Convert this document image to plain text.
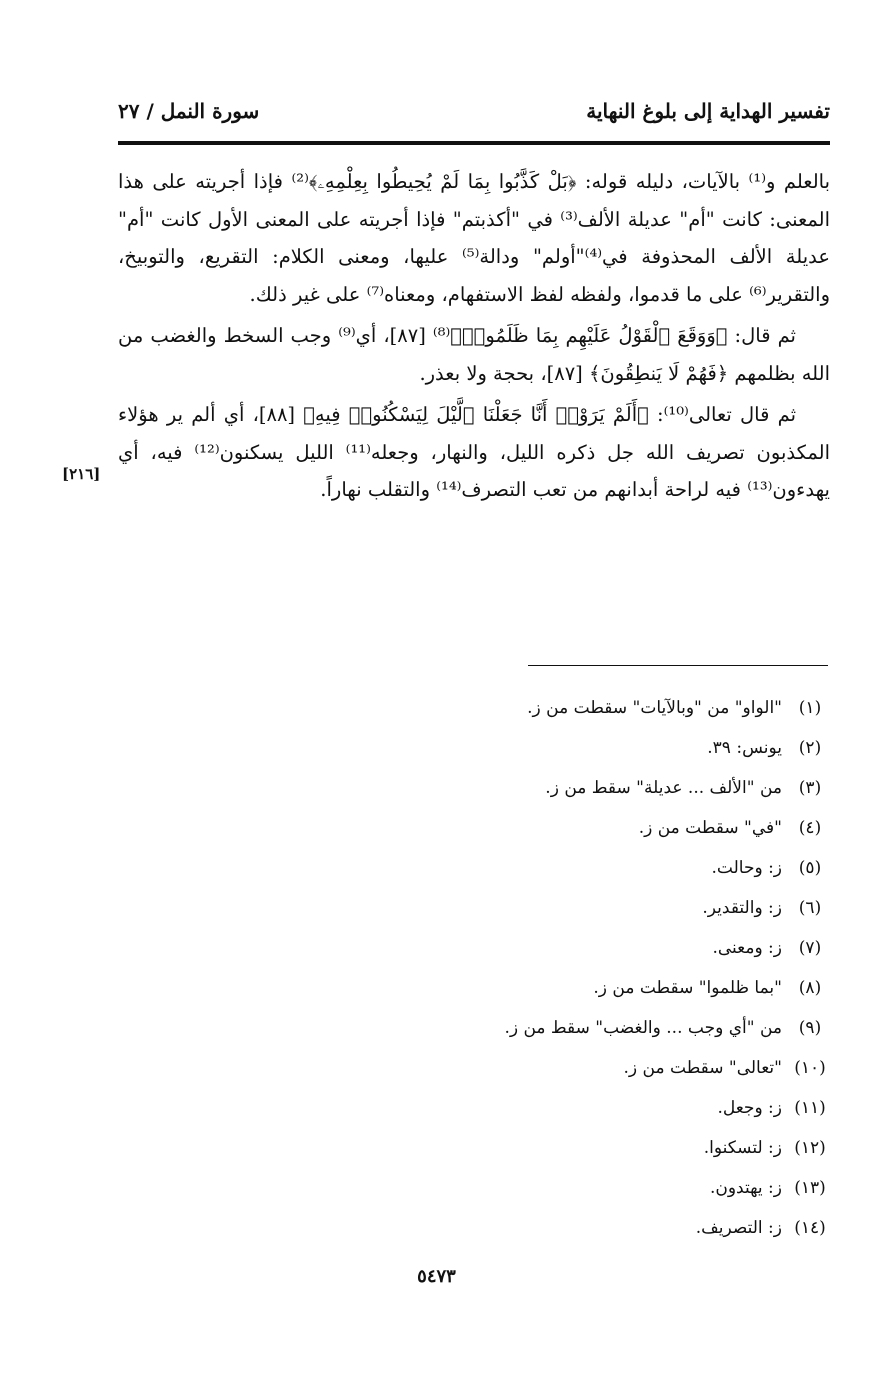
تفسير الهداية إلى بلوغ النهاية
سورة النمل / ٢٧

بالعلم و⁽¹⁾ بالآيات، دليله قوله: ﴿بَلْ كَذَّبُوا بِمَا لَمْ يُحِيطُوا بِعِلْمِهِۦ﴾⁽²⁾ فإذا أجريته على هذا المعنى: كانت "أم" عديلة الألف⁽³⁾ في "أكذبتم" فإذا أجريته على المعنى الأول كانت "أم" عديلة الألف المحذوفة في⁽⁴⁾"أولم" ودالة⁽⁵⁾ عليها، ومعنى الكلام: التقريع، والتوبيخ، والتقرير⁽⁶⁾ على ما قدموا، ولفظه لفظ الاستفهام، ومعناه⁽⁷⁾ على غير ذلك.

ثم قال: ﴿وَوَقَعَ ٱلْقَوْلُ عَلَيْهِم بِمَا ظَلَمُوا۟﴾⁽⁸⁾ [٨٧]، أي⁽⁹⁾ وجب السخط والغضب من الله بظلمهم ﴿فَهُمْ لَا يَنطِقُونَ﴾ [٨٧]، بحجة ولا بعذر.

ثم قال تعالى⁽¹⁰⁾: ﴿أَلَمْ يَرَوْا۟ أَنَّا جَعَلْنَا ٱلَّيْلَ لِيَسْكُنُوا۟ فِيهِ﴾ [٨٨]، أي ألم ير هؤلاء المكذبون تصريف الله جل ذكره الليل، والنهار، وجعله⁽¹¹⁾ الليل يسكنون⁽¹²⁾ فيه، أي يهدءون⁽¹³⁾ فيه لراحة أبدانهم من تعب التصرف⁽¹⁴⁾ والتقلب نهاراً.

[٢١٦]
(١)"الواو" من "وبالآيات" سقطت من ز.
(٢)يونس: ٣٩.
(٣)من "الألف ... عديلة" سقط من ز.
(٤)"في" سقطت من ز.
(٥)ز: وحالت.
(٦)ز: والتقدير.
(٧)ز: ومعنى.
(٨)"بما ظلموا" سقطت من ز.
(٩)من "أي وجب ... والغضب" سقط من ز.
(١٠)"تعالى" سقطت من ز.
(١١)ز: وجعل.
(١٢)ز: لتسكنوا.
(١٣)ز: يهتدون.
(١٤)ز: التصريف.
٥٤٧٣
